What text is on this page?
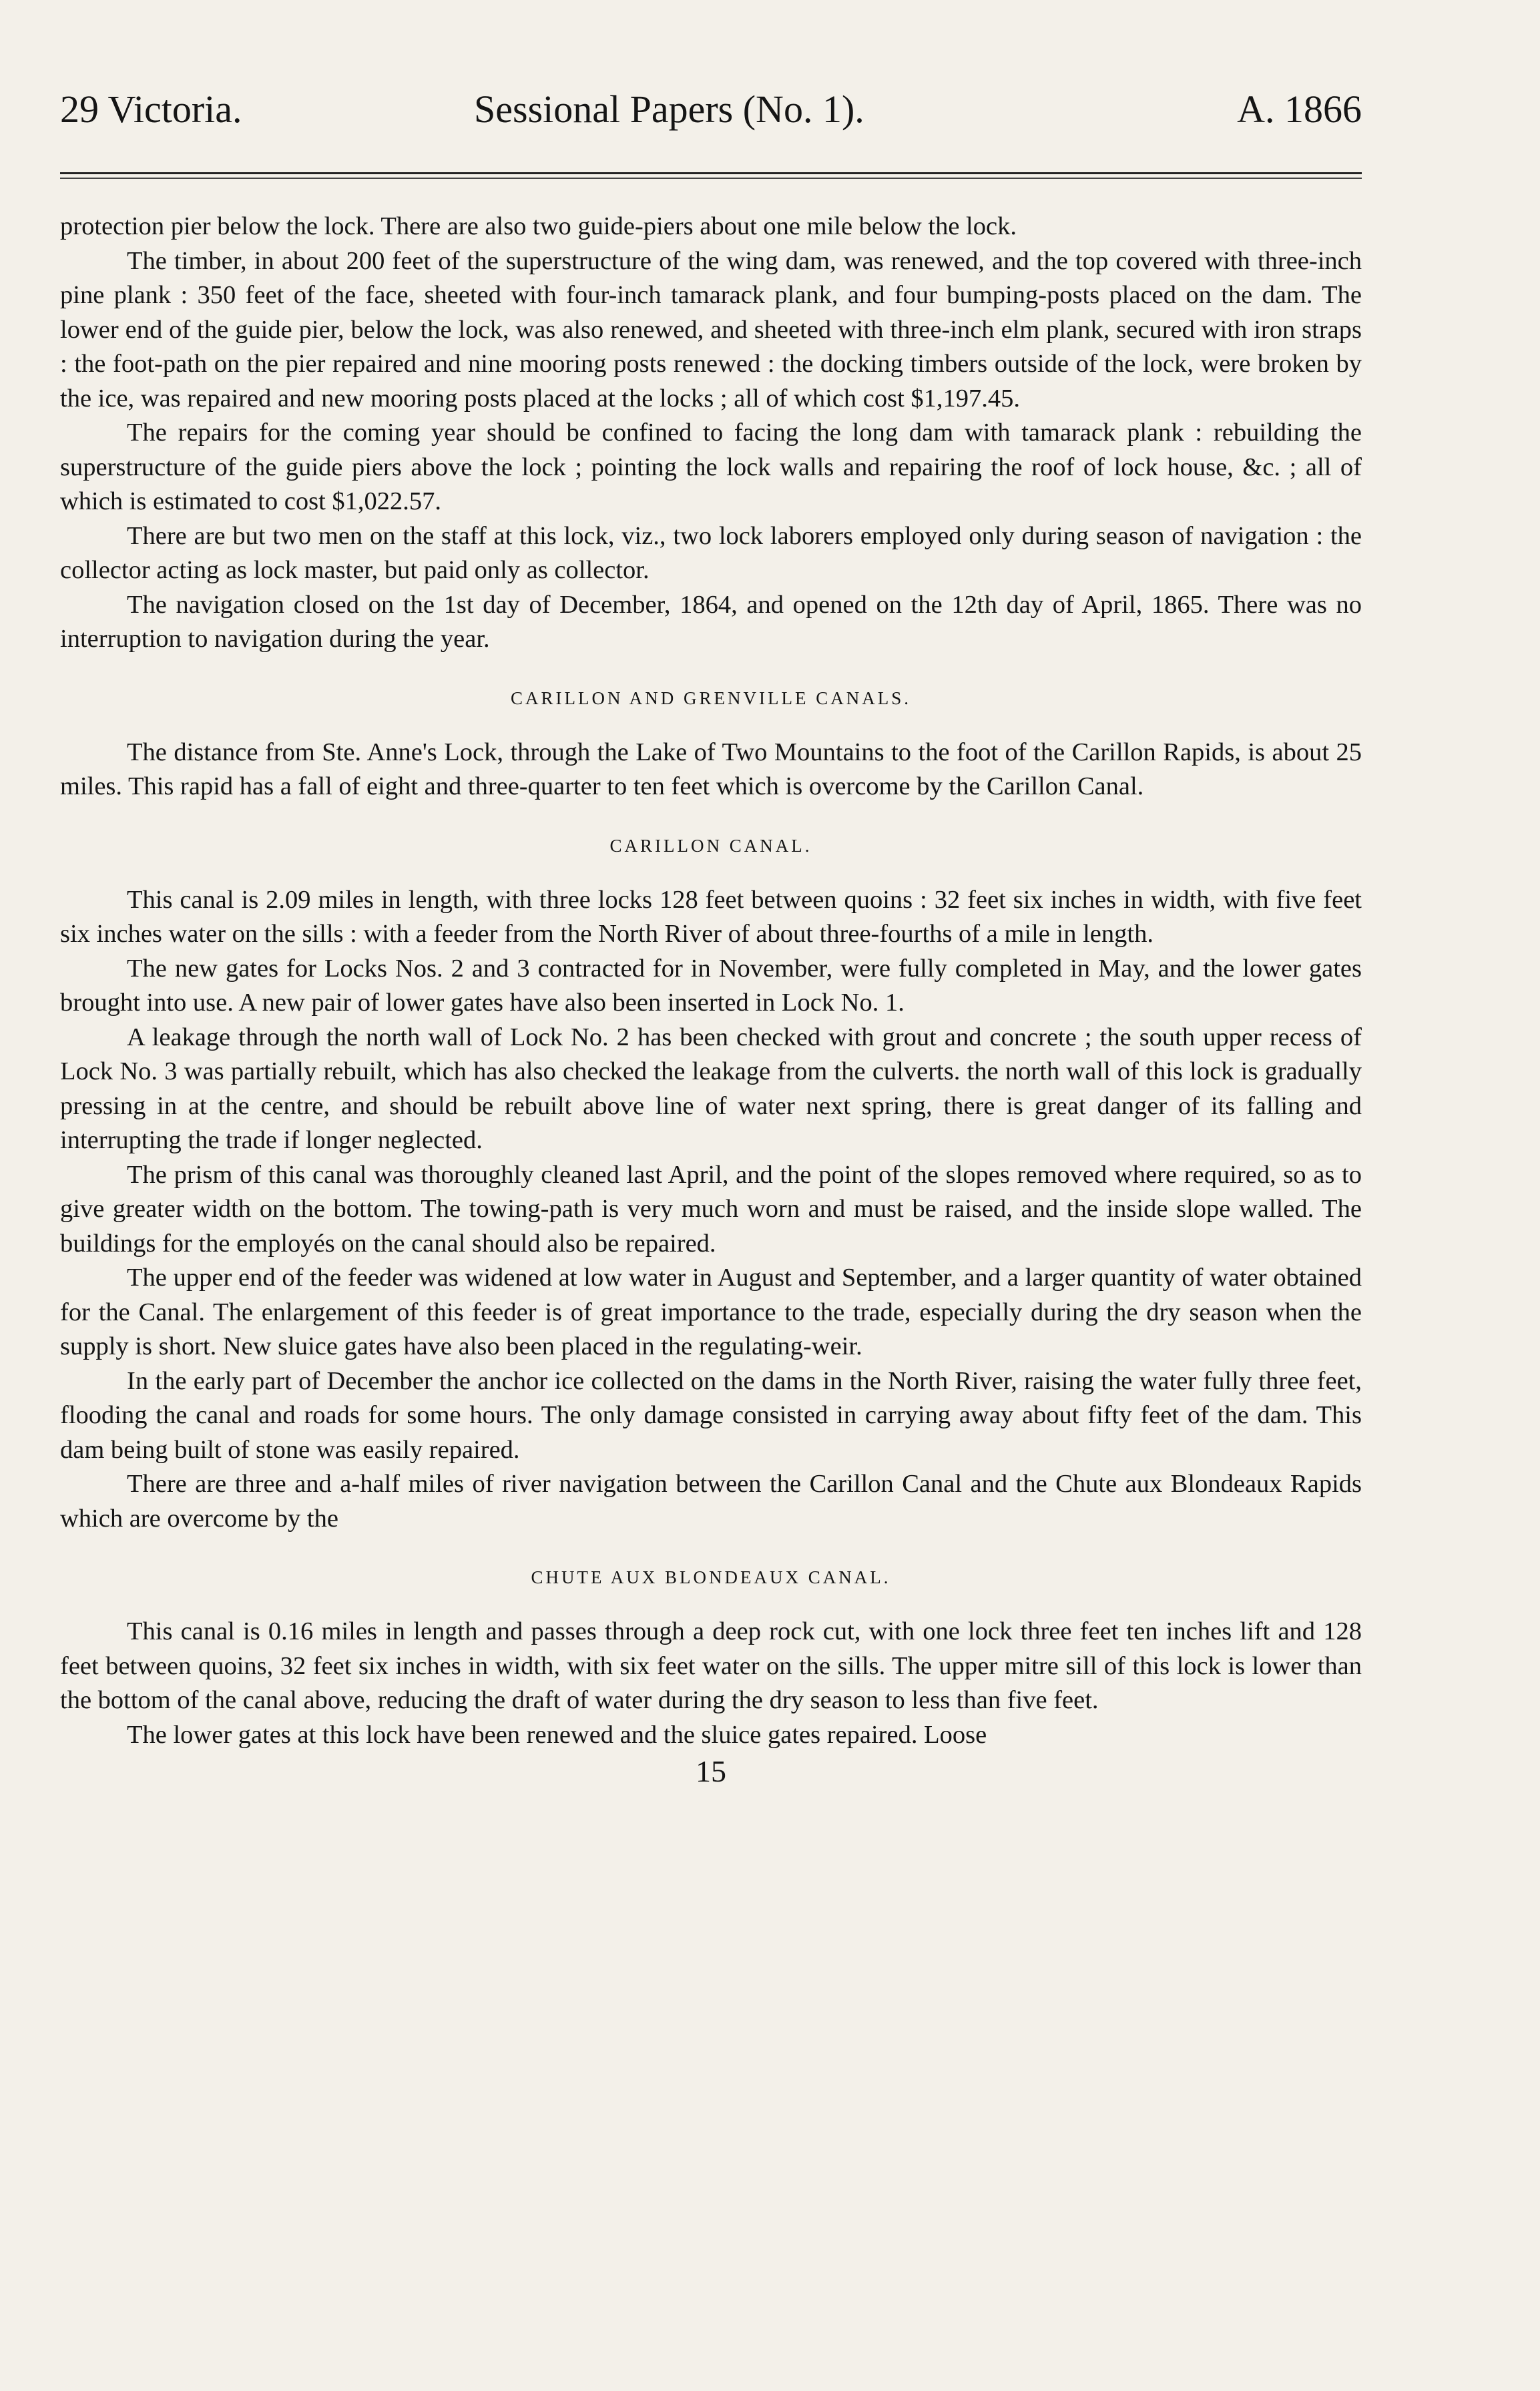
29 Victoria.	Sessional Papers (No. 1).	A. 1866

protection pier below the lock. There are also two guide-piers about one mile below the lock.

The timber, in about 200 feet of the superstructure of the wing dam, was renewed, and the top covered with three-inch pine plank : 350 feet of the face, sheeted with four-inch tamarack plank, and four bumping-posts placed on the dam. The lower end of the guide pier, below the lock, was also renewed, and sheeted with three-inch elm plank, secured with iron straps : the foot-path on the pier repaired and nine mooring posts renewed : the docking timbers outside of the lock, were broken by the ice, was repaired and new mooring posts placed at the locks ; all of which cost $1,197.45.

The repairs for the coming year should be confined to facing the long dam with tamarack plank : rebuilding the superstructure of the guide piers above the lock ; pointing the lock walls and repairing the roof of lock house, &c. ; all of which is estimated to cost $1,022.57.

There are but two men on the staff at this lock, viz., two lock laborers employed only during season of navigation : the collector acting as lock master, but paid only as collector.

The navigation closed on the 1st day of December, 1864, and opened on the 12th day of April, 1865. There was no interruption to navigation during the year.

CARILLON AND GRENVILLE CANALS.

The distance from Ste. Anne's Lock, through the Lake of Two Mountains to the foot of the Carillon Rapids, is about 25 miles. This rapid has a fall of eight and three-quarter to ten feet which is overcome by the Carillon Canal.

CARILLON CANAL.

This canal is 2.09 miles in length, with three locks 128 feet between quoins : 32 feet six inches in width, with five feet six inches water on the sills : with a feeder from the North River of about three-fourths of a mile in length.

The new gates for Locks Nos. 2 and 3 contracted for in November, were fully completed in May, and the lower gates brought into use. A new pair of lower gates have also been inserted in Lock No. 1.

A leakage through the north wall of Lock No. 2 has been checked with grout and concrete ; the south upper recess of Lock No. 3 was partially rebuilt, which has also checked the leakage from the culverts. the north wall of this lock is gradually pressing in at the centre, and should be rebuilt above line of water next spring, there is great danger of its falling and interrupting the trade if longer neglected.

The prism of this canal was thoroughly cleaned last April, and the point of the slopes removed where required, so as to give greater width on the bottom. The towing-path is very much worn and must be raised, and the inside slope walled. The buildings for the employés on the canal should also be repaired.

The upper end of the feeder was widened at low water in August and September, and a larger quantity of water obtained for the Canal. The enlargement of this feeder is of great importance to the trade, especially during the dry season when the supply is short. New sluice gates have also been placed in the regulating-weir.

In the early part of December the anchor ice collected on the dams in the North River, raising the water fully three feet, flooding the canal and roads for some hours. The only damage consisted in carrying away about fifty feet of the dam. This dam being built of stone was easily repaired.

There are three and a-half miles of river navigation between the Carillon Canal and the Chute aux Blondeaux Rapids which are overcome by the

CHUTE AUX BLONDEAUX CANAL.

This canal is 0.16 miles in length and passes through a deep rock cut, with one lock three feet ten inches lift and 128 feet between quoins, 32 feet six inches in width, with six feet water on the sills. The upper mitre sill of this lock is lower than the bottom of the canal above, reducing the draft of water during the dry season to less than five feet.

The lower gates at this lock have been renewed and the sluice gates repaired. Loose

15
